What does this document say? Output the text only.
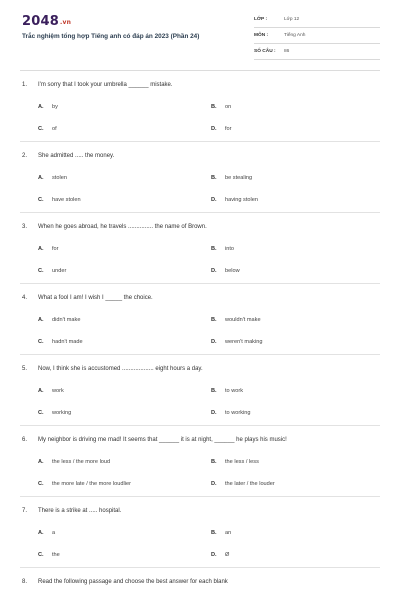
2048.vn
Trắc nghiệm tổng hợp Tiếng anh có đáp án 2023 (Phần 24)
LỚP :	Lớp 12
MÔN :	Tiếng Anh
SỐ CÂU :	86
1. I'm sorry that I took your umbrella ______ mistake.
A. by	B. on
C. of	D. for
2. She admitted ..... the money.
A. stolen	B. be stealing
C. have stolen	D. having stolen
3. When he goes abroad, he travels ............... the name of Brown.
A. for	B. into
C. under	D. below
4. What a fool I am! I wish I _____ the choice.
A. didn't make	B. wouldn't make
C. hadn't made	D. weren't making
5. Now, I think she is accustomed ................... eight hours a day.
A. work	B. to work
C. working	D. to working
6. My neighbor is driving me mad! It seems that ______ it is at night, ______ he plays his music!
A. the less / the more loud	B. the less / less
C. the more late / the more loudlier	D. the later / the louder
7. There is a strike at ..... hospital.
A. a	B. an
C. the	D. Ø
8. Read the following passage and choose the best answer for each blank
